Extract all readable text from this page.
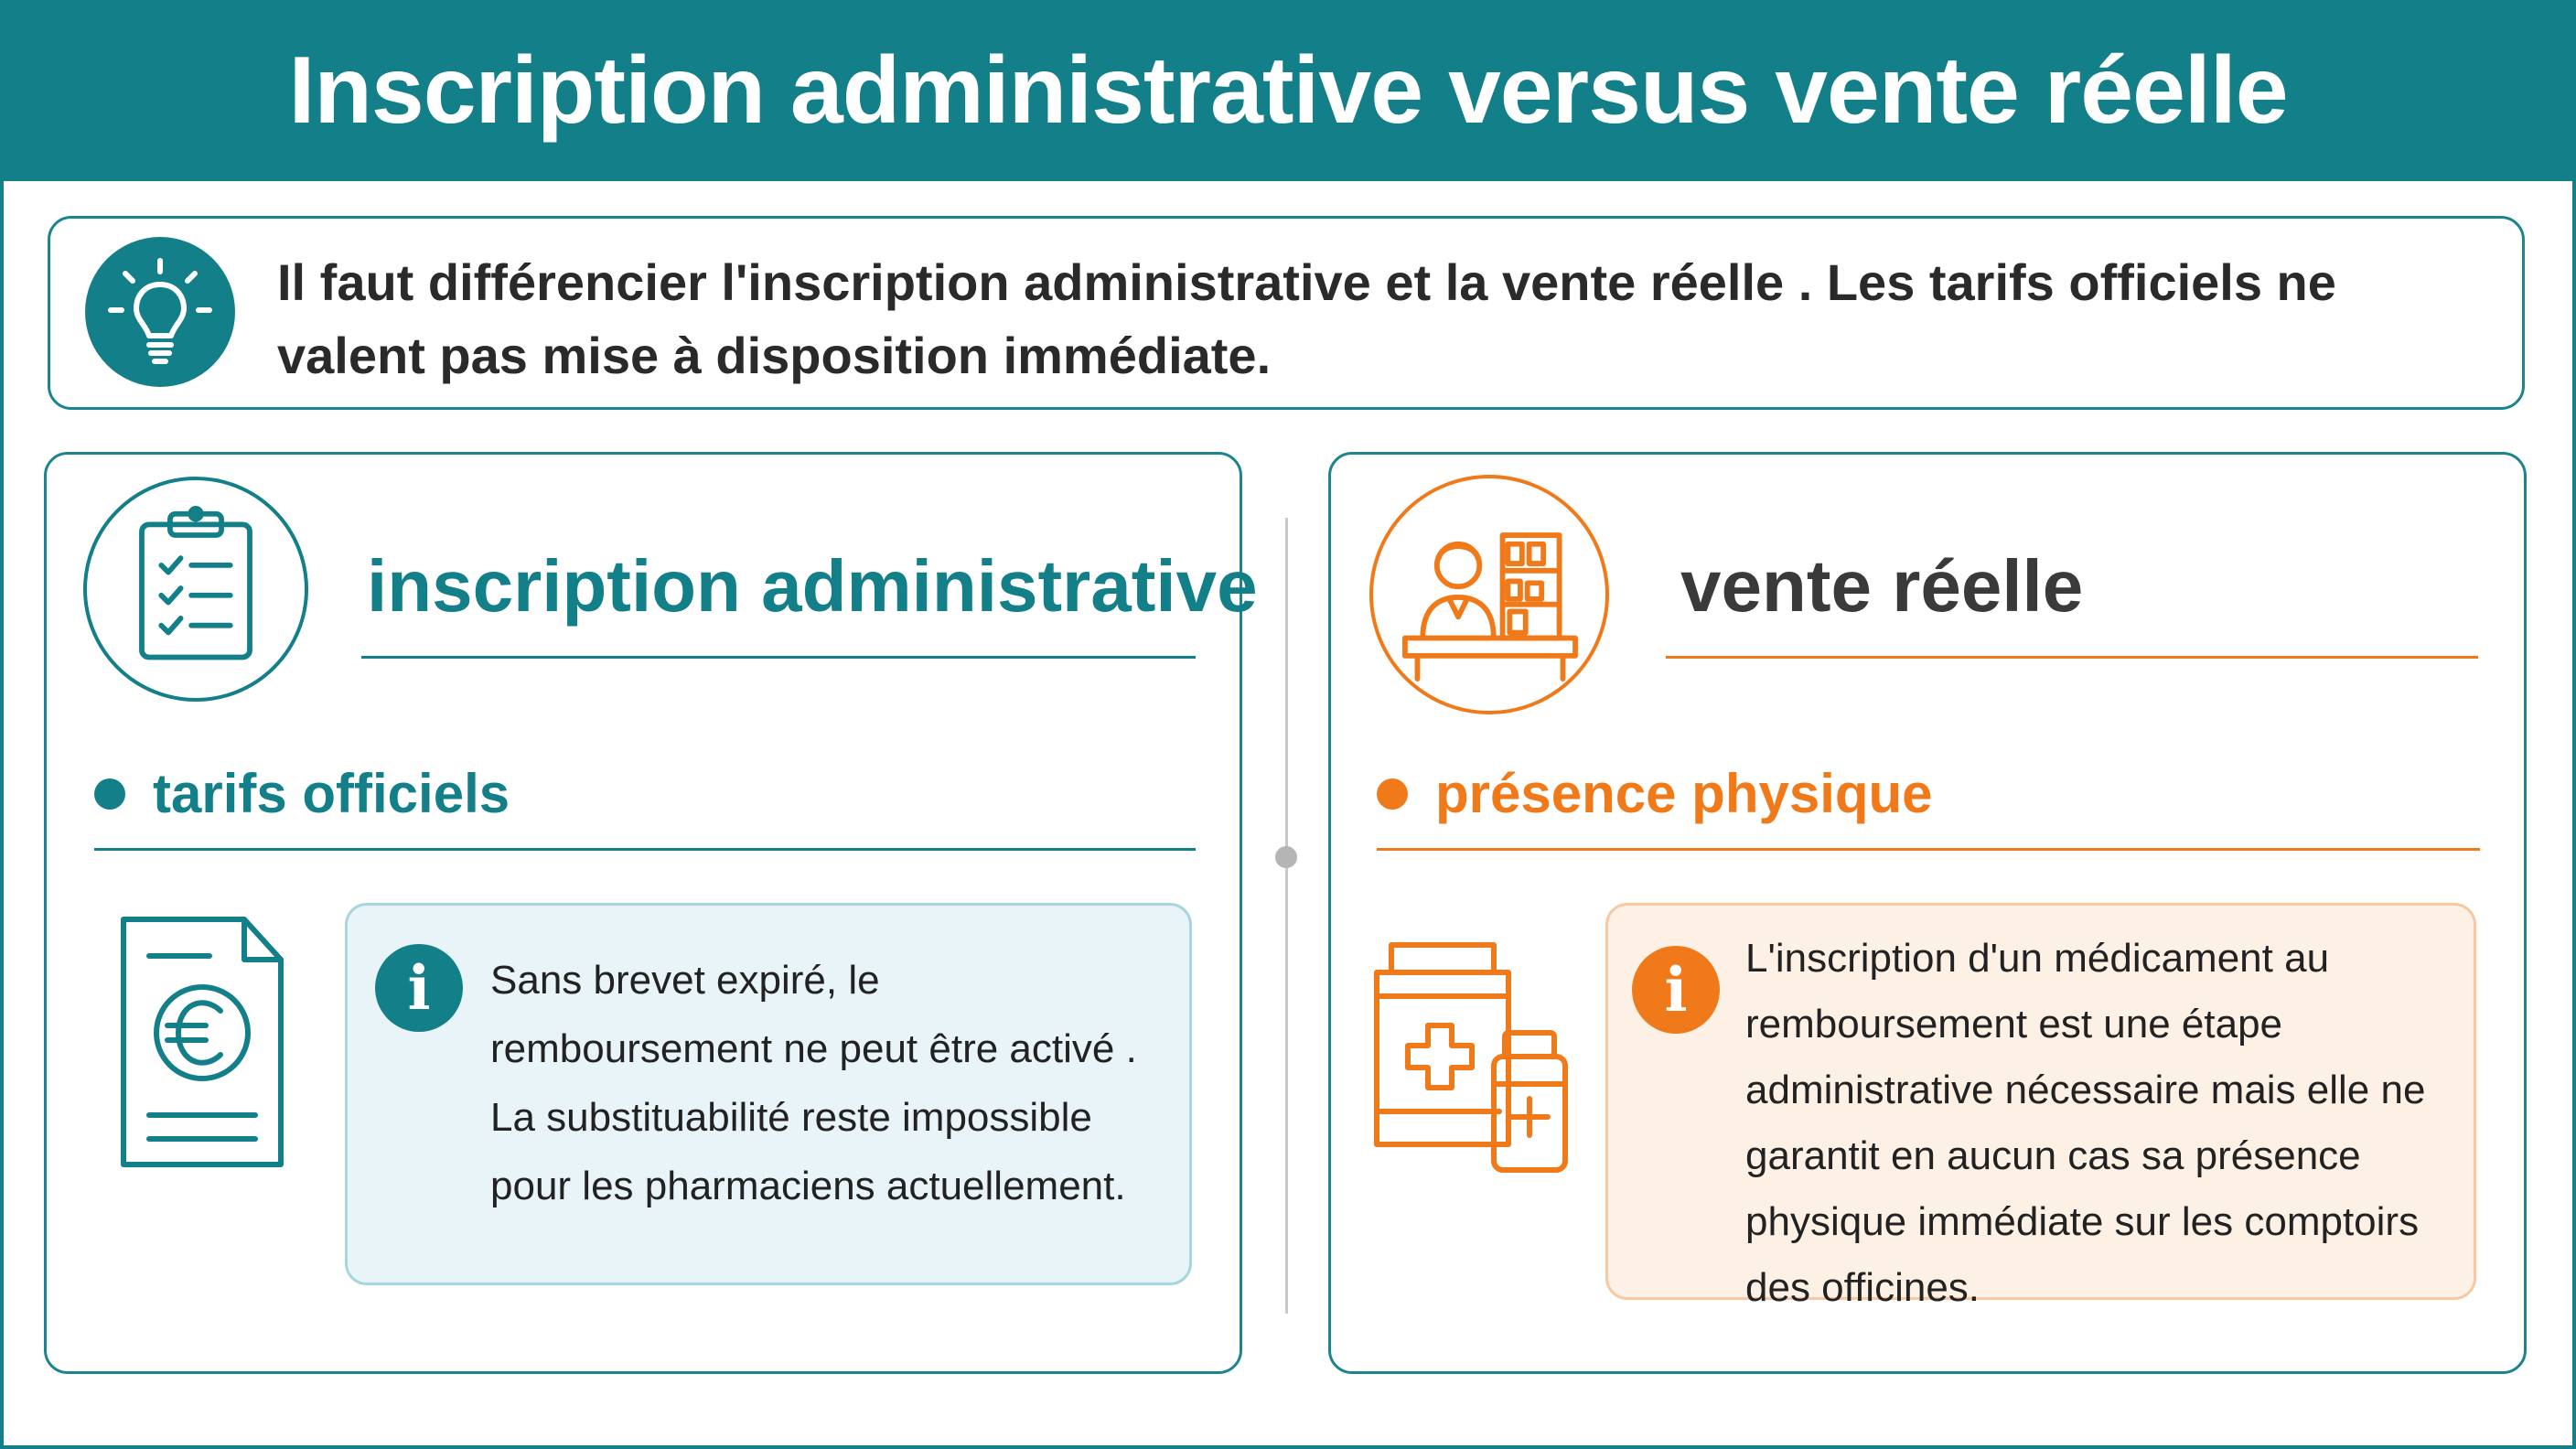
Inscription administrative versus vente réelle
Il faut différencier l'inscription administrative et la vente réelle . Les tarifs officiels ne valent pas mise à disposition immédiate.
inscription administrative
tarifs officiels
i	Sans brevet expiré, le remboursement ne peut être activé . La substituabilité reste impossible pour les pharmaciens actuellement.
vente réelle
présence physique
i	L'inscription d'un médicament au remboursement est une étape administrative nécessaire mais elle ne garantit en aucun cas sa présence physique immédiate sur les comptoirs des officines.
